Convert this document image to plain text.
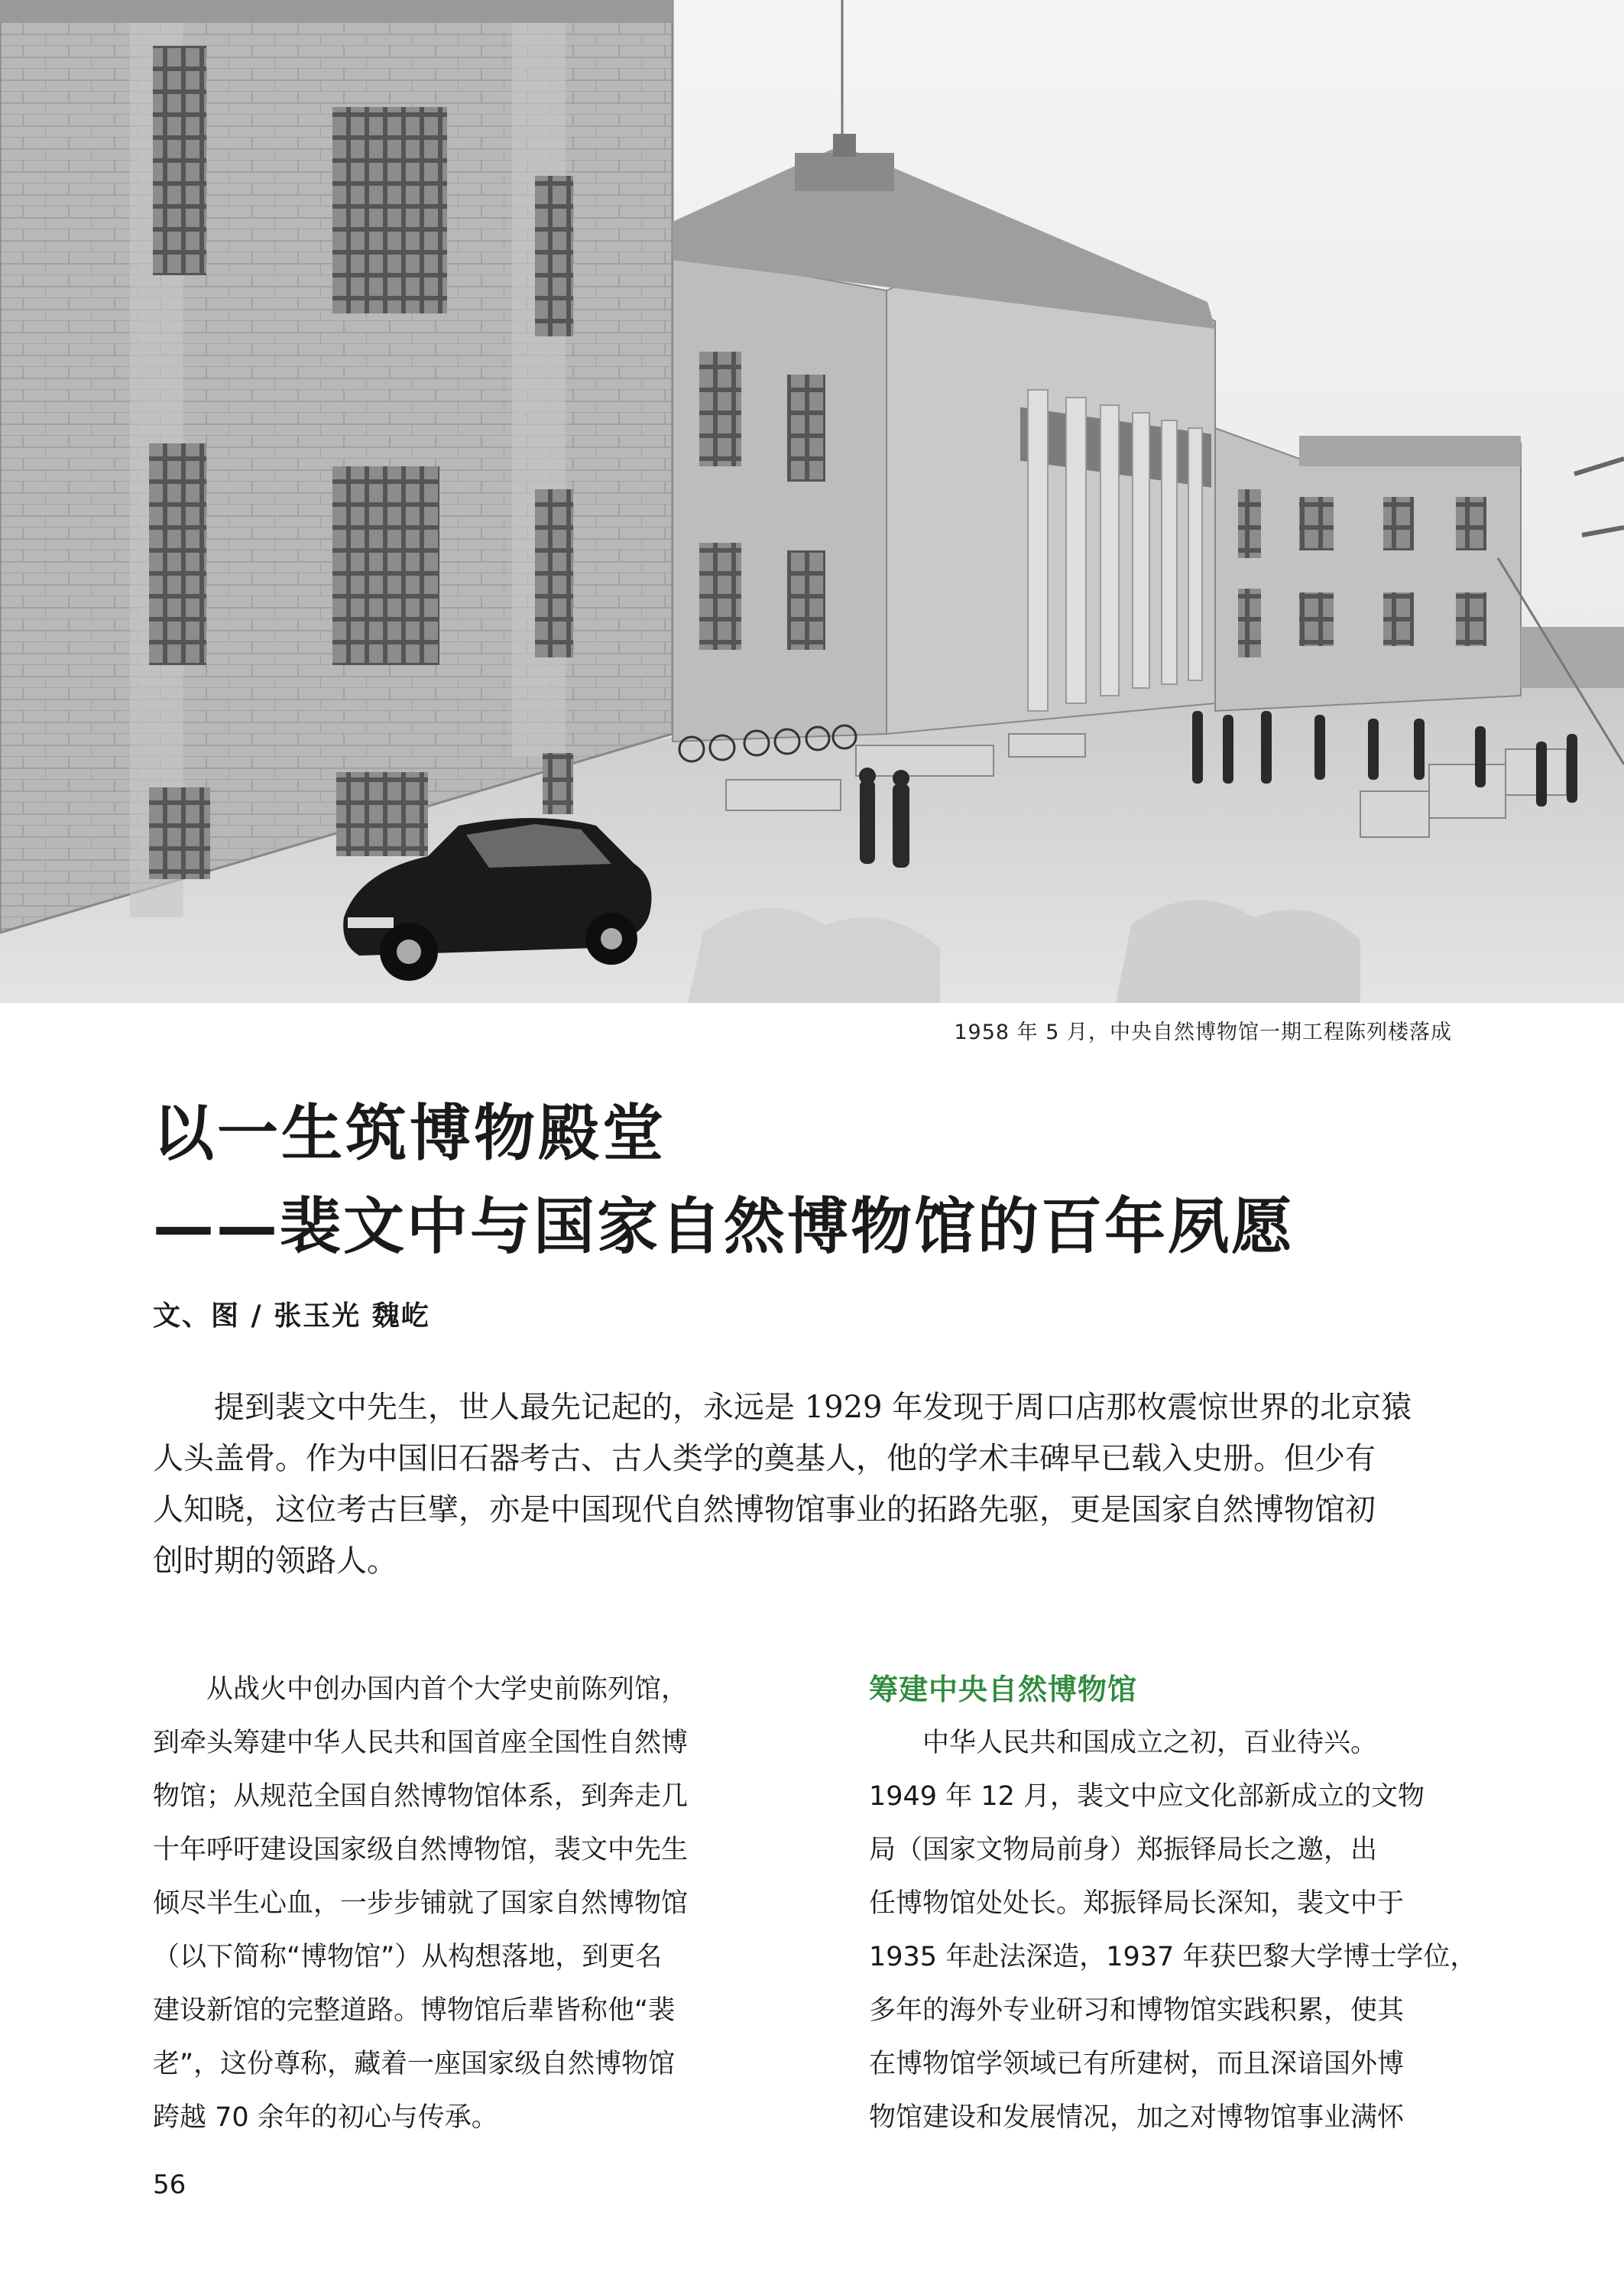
1958 年 5 月，中央自然博物馆一期工程陈列楼落成
以一生筑博物殿堂
——裴文中与国家自然博物馆的百年夙愿
文、图 / 张玉光 魏屹
　　提到裴文中先生，世人最先记起的，永远是 1929 年发现于周口店那枚震惊世界的北京猿
人头盖骨。作为中国旧石器考古、古人类学的奠基人，他的学术丰碑早已载入史册。但少有
人知晓，这位考古巨擘，亦是中国现代自然博物馆事业的拓路先驱，更是国家自然博物馆初
创时期的领路人。
　　从战火中创办国内首个大学史前陈列馆，
到牵头筹建中华人民共和国首座全国性自然博
物馆；从规范全国自然博物馆体系，到奔走几
十年呼吁建设国家级自然博物馆，裴文中先生
倾尽半生心血，一步步铺就了国家自然博物馆
（以下简称“博物馆”）从构想落地，到更名
建设新馆的完整道路。博物馆后辈皆称他“裴
老”，这份尊称，藏着一座国家级自然博物馆
跨越 70 余年的初心与传承。
筹建中央自然博物馆
　　中华人民共和国成立之初，百业待兴。
1949 年 12 月，裴文中应文化部新成立的文物
局（国家文物局前身）郑振铎局长之邀，出
任博物馆处处长。郑振铎局长深知，裴文中于
1935 年赴法深造，1937 年获巴黎大学博士学位，
多年的海外专业研习和博物馆实践积累，使其
在博物馆学领域已有所建树，而且深谙国外博
物馆建设和发展情况，加之对博物馆事业满怀
56
